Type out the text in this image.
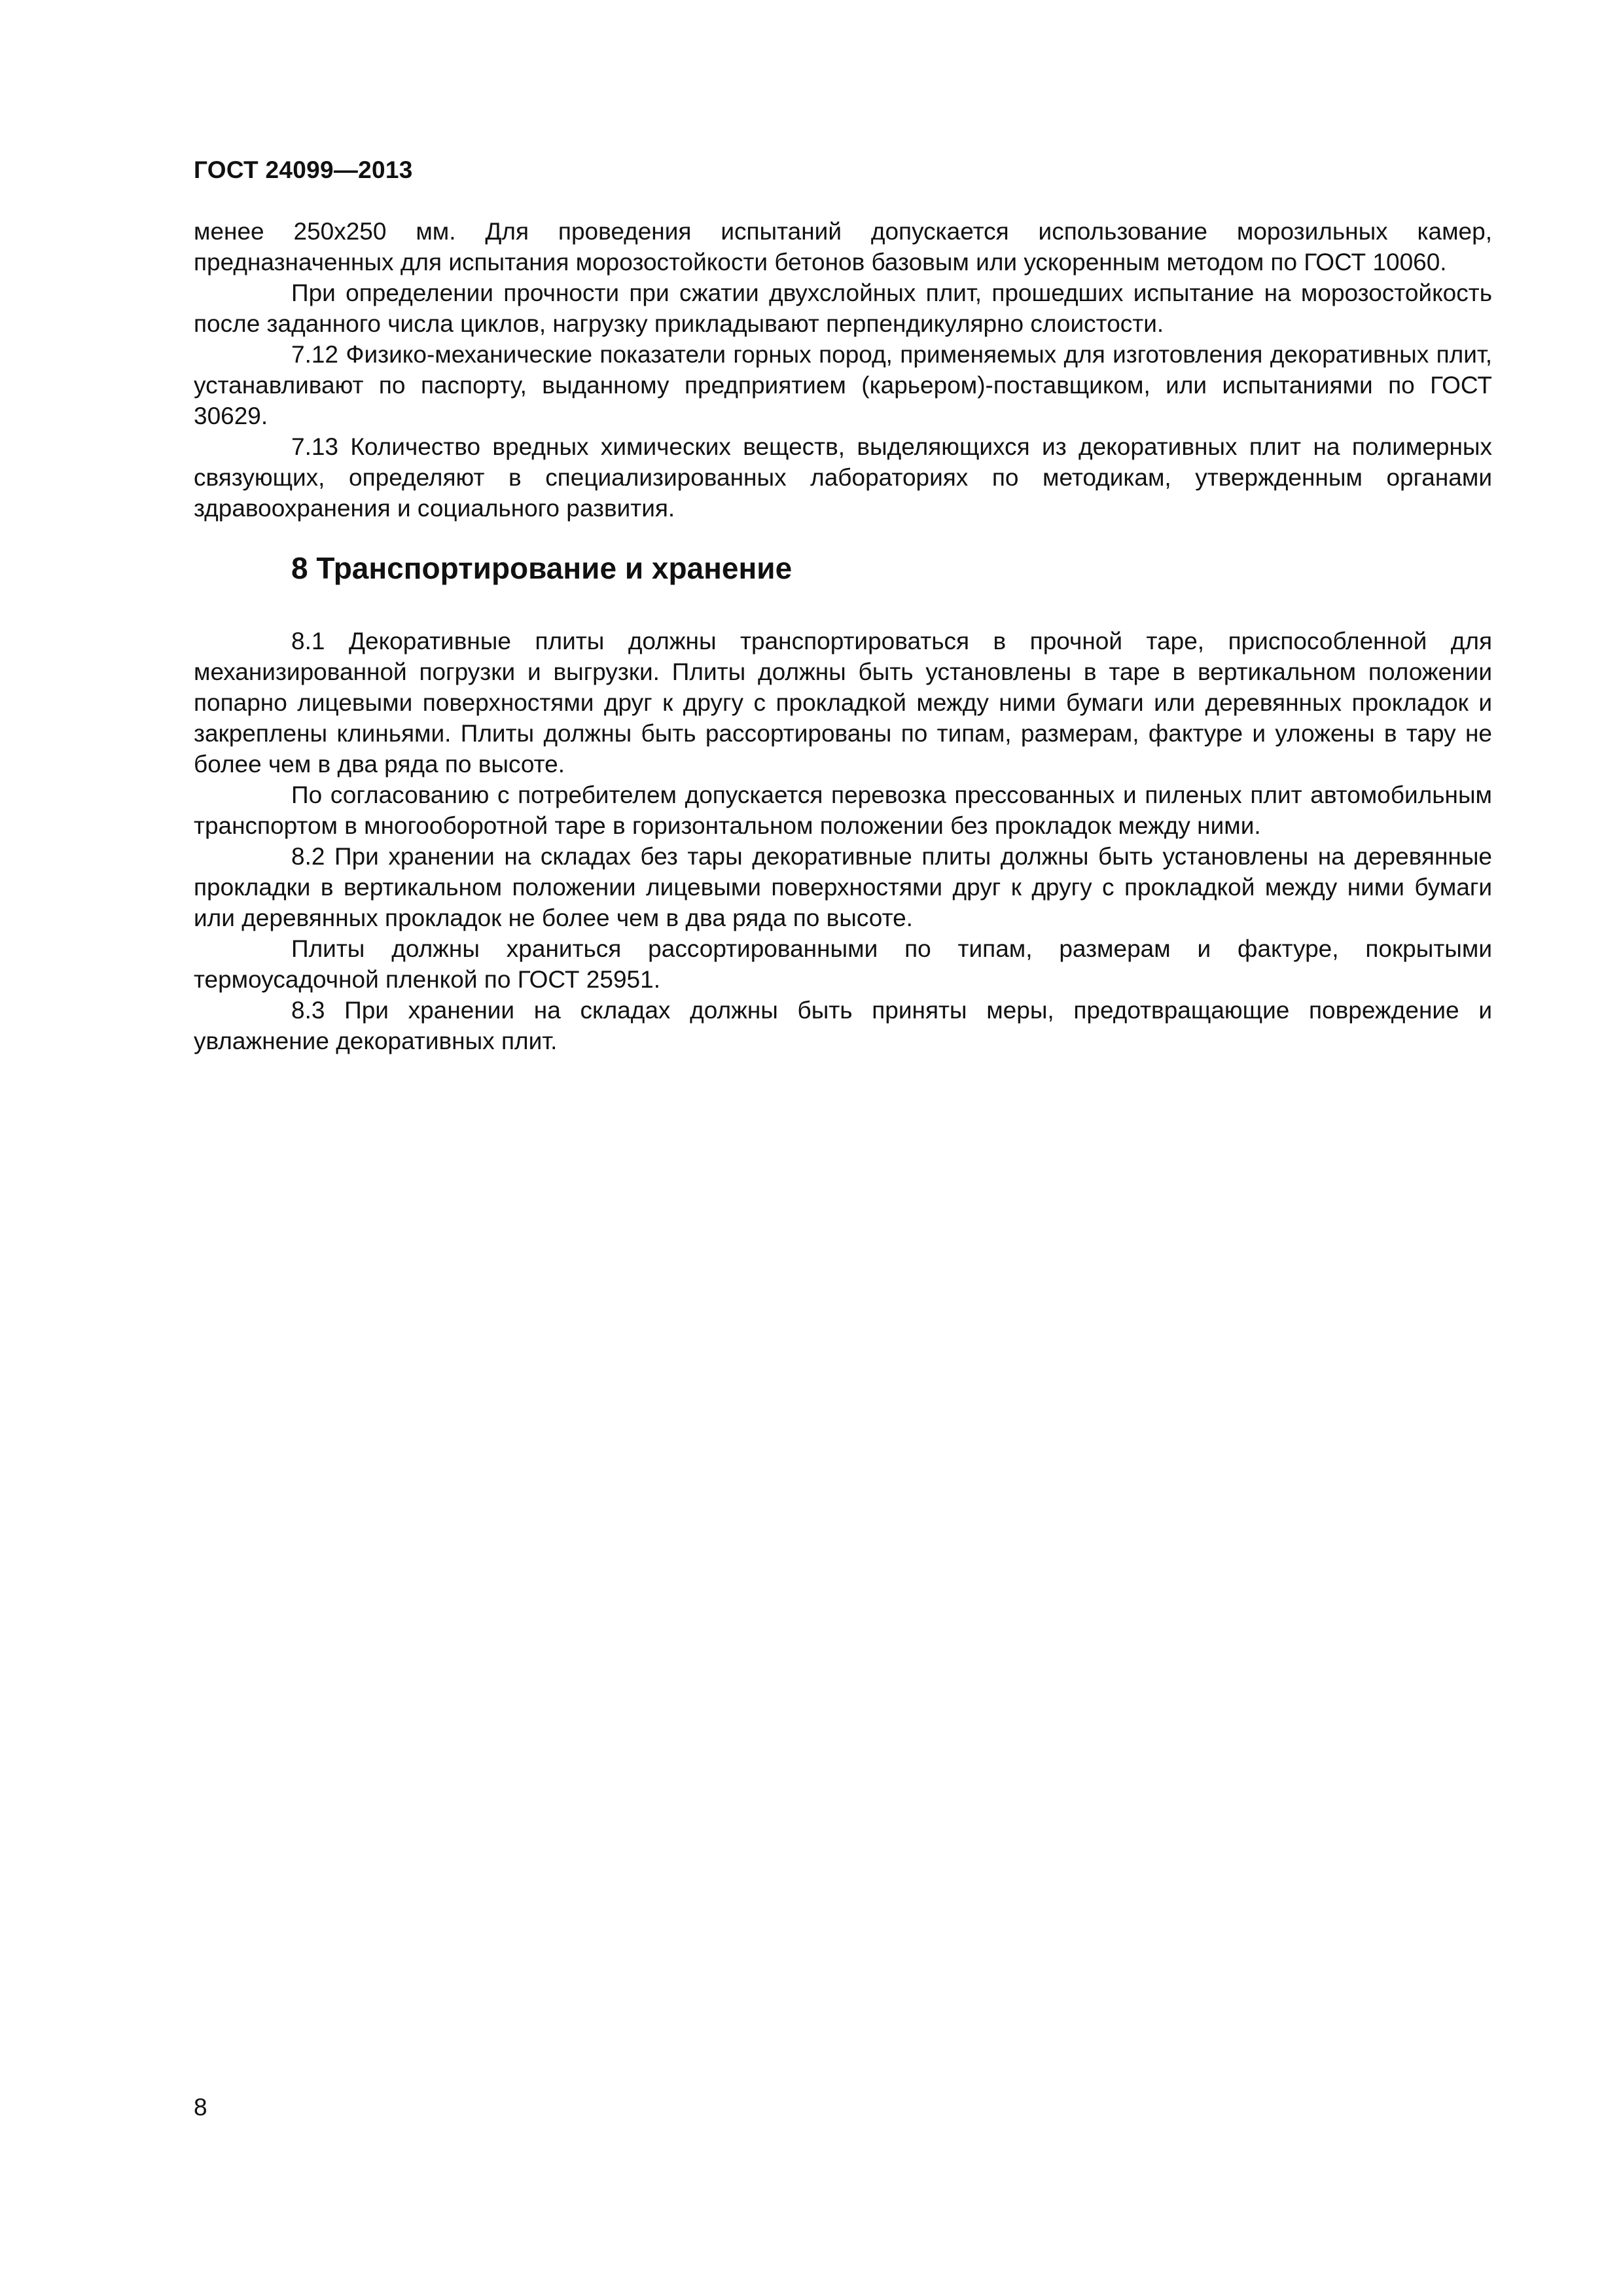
ГОСТ 24099—2013

менее 250x250 мм. Для проведения испытаний допускается использование морозильных камер, предназначенных для испытания морозостойкости бетонов базовым или ускоренным методом по ГОСТ 10060.

При определении прочности при сжатии двухслойных плит, прошедших испытание на морозостойкость после заданного числа циклов, нагрузку прикладывают перпендикулярно слоистости.

7.12 Физико-механические показатели горных пород, применяемых для изготовления декоративных плит, устанавливают по паспорту, выданному предприятием (карьером)-поставщиком, или испытаниями по ГОСТ 30629.

7.13 Количество вредных химических веществ, выделяющихся из декоративных плит на полимерных связующих, определяют в специализированных лабораториях по методикам, утвержденным органами здравоохранения и социального развития.

8 Транспортирование и хранение

8.1 Декоративные плиты должны транспортироваться в прочной таре, приспособленной для механизированной погрузки и выгрузки. Плиты должны быть установлены в таре в вертикальном положении попарно лицевыми поверхностями друг к другу с прокладкой между ними бумаги или деревянных прокладок и закреплены клиньями. Плиты должны быть рассортированы по типам, размерам, фактуре и уложены в тару не более чем в два ряда по высоте.

По согласованию с потребителем допускается перевозка прессованных и пиленых плит автомобильным транспортом в многооборотной таре в горизонтальном положении без прокладок между ними.

8.2 При хранении на складах без тары декоративные плиты должны быть установлены на деревянные прокладки в вертикальном положении лицевыми поверхностями друг к другу с прокладкой между ними бумаги или деревянных прокладок не более чем в два ряда по высоте.

Плиты должны храниться рассортированными по типам, размерам и фактуре, покрытыми термоусадочной пленкой по ГОСТ 25951.

8.3 При хранении на складах должны быть приняты меры, предотвращающие повреждение и увлажнение декоративных плит.

8
